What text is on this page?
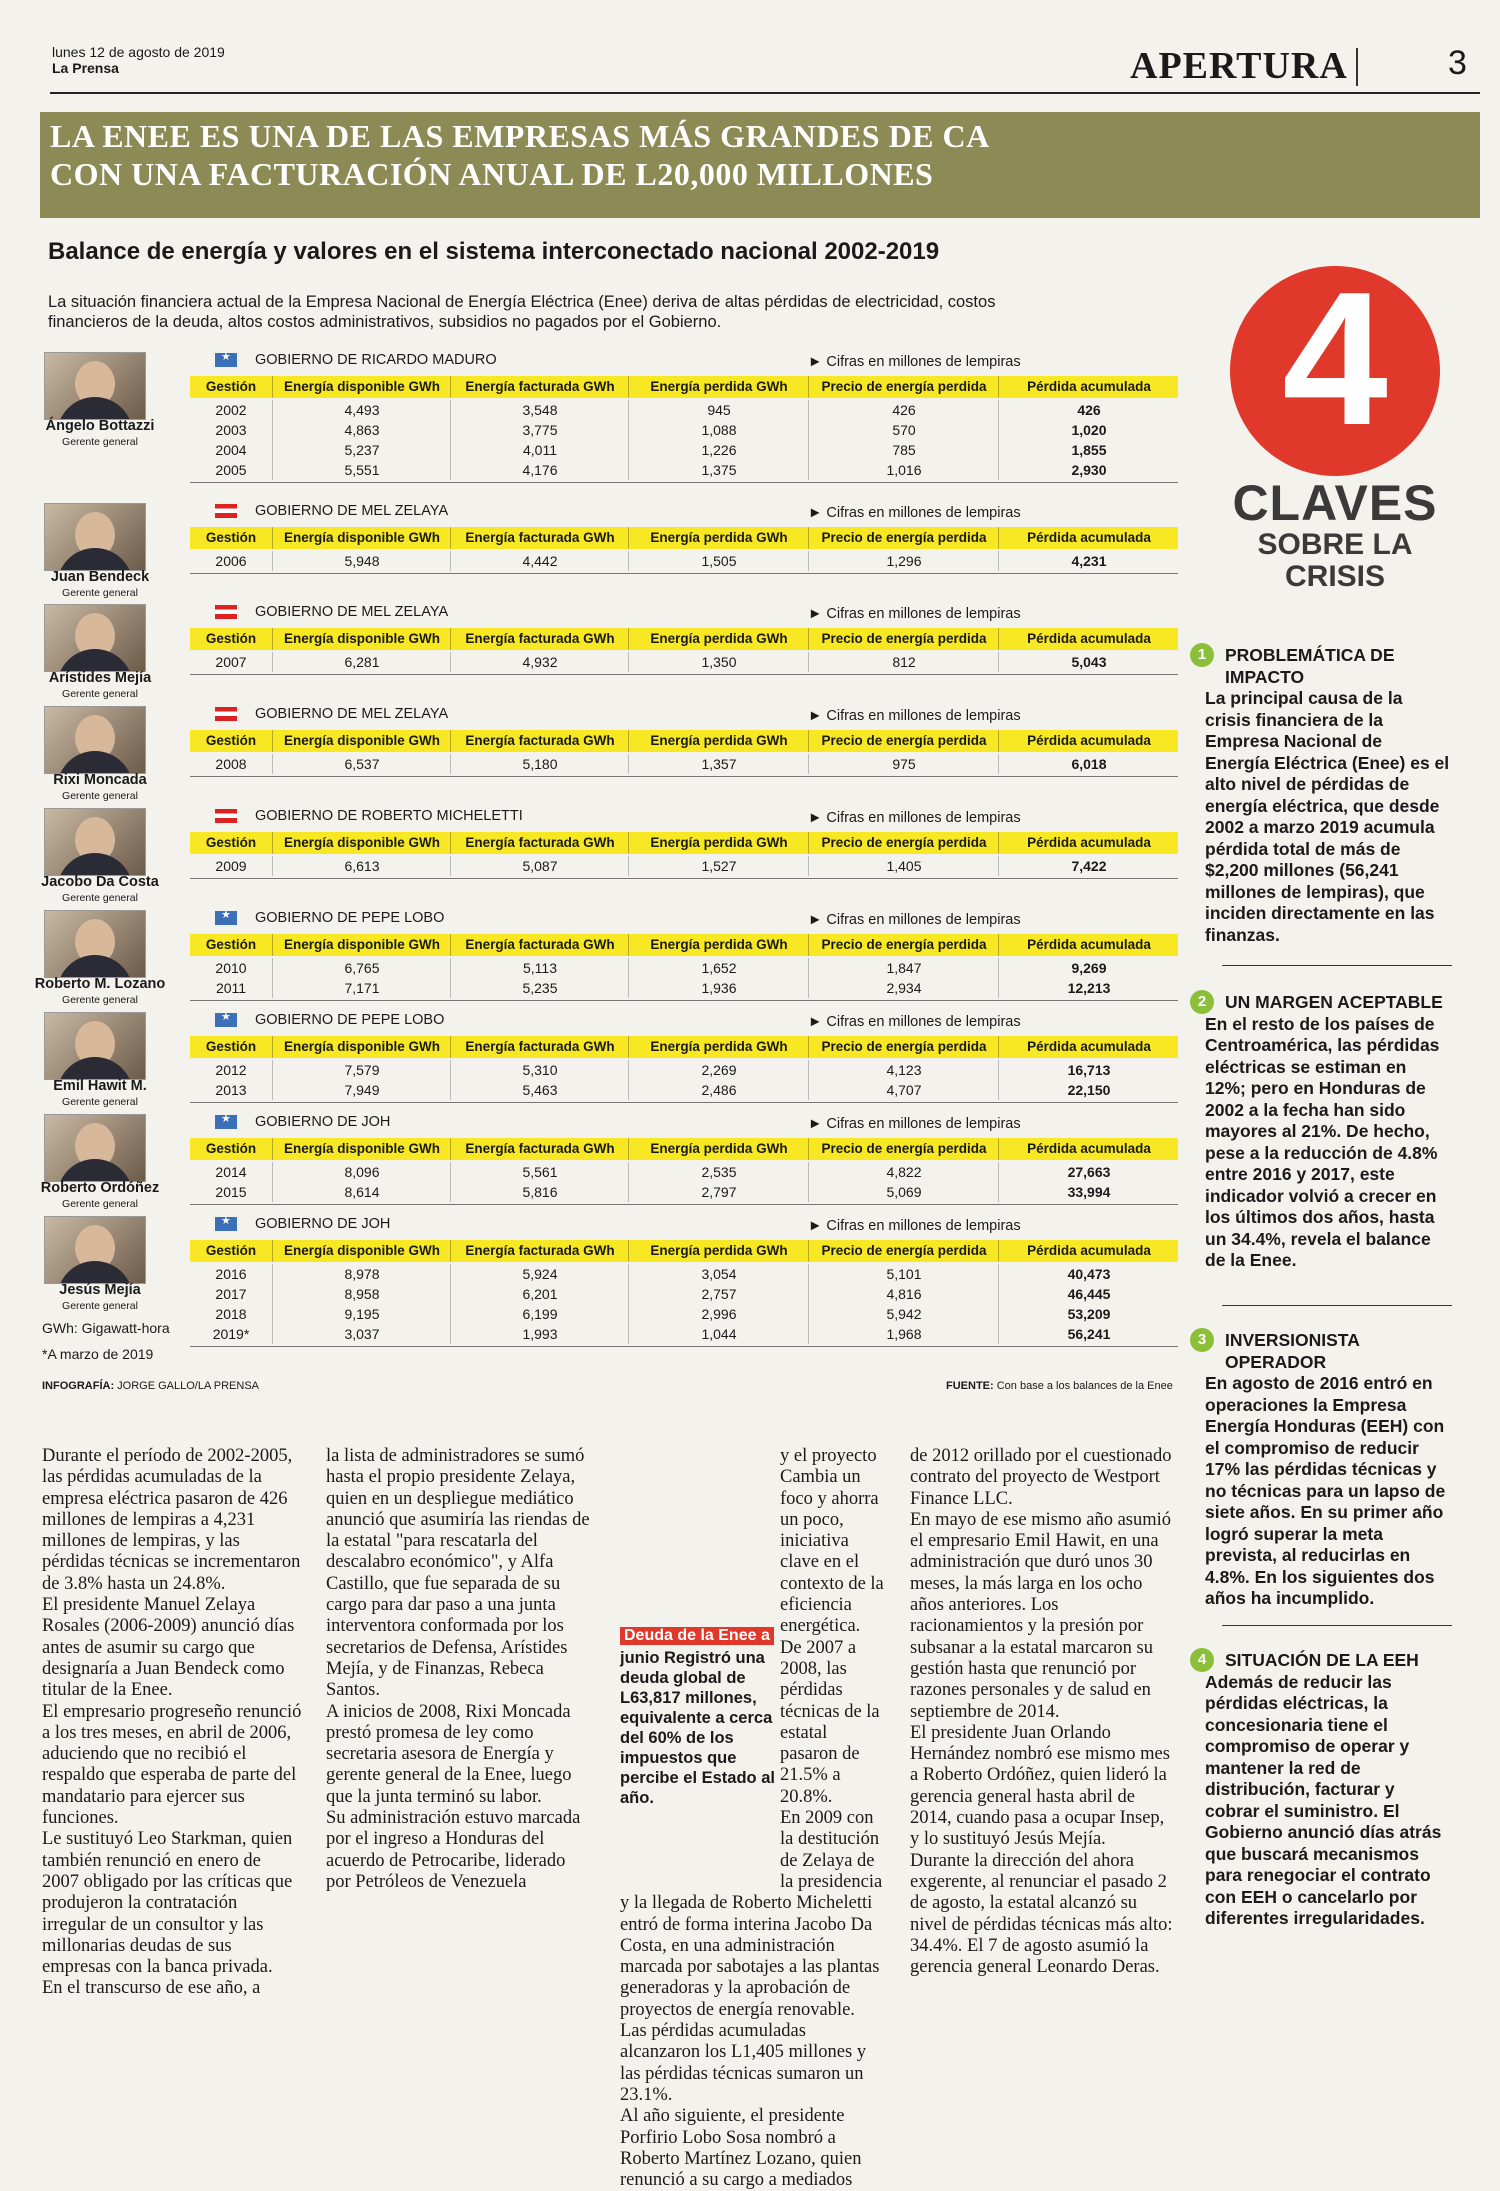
lunes 12 de agosto de 2019
La Prensa	APERTURA	3
LA ENEE ES UNA DE LAS EMPRESAS MÁS GRANDES DE CA
CON UNA FACTURACIÓN ANUAL DE L20,000 MILLONES
Balance de energía y valores en el sistema interconectado nacional 2002-2019
La situación financiera actual de la Empresa Nacional de Energía Eléctrica (Enee) deriva de altas pérdidas de electricidad, costos financieros de la deuda, altos costos administrativos, subsidios no pagados por el Gobierno.
Ángelo Bottazzi
Gerente general
★
GOBIERNO DE RICARDO MADURO	► Cifras en millones de lempiras
Gestión	Energía disponible GWh	Energía facturada GWh	Energía perdida GWh	Precio de energía perdida	Pérdida acumulada
2002	4,493	3,548	945	426	426
2003	4,863	3,775	1,088	570	1,020
2004	5,237	4,011	1,226	785	1,855
2005	5,551	4,176	1,375	1,016	2,930
Juan Bendeck
Gerente general
GOBIERNO DE MEL ZELAYA	► Cifras en millones de lempiras
Gestión	Energía disponible GWh	Energía facturada GWh	Energía perdida GWh	Precio de energía perdida	Pérdida acumulada
2006	5,948	4,442	1,505	1,296	4,231
Arístides Mejía
Gerente general
GOBIERNO DE MEL ZELAYA	► Cifras en millones de lempiras
Gestión	Energía disponible GWh	Energía facturada GWh	Energía perdida GWh	Precio de energía perdida	Pérdida acumulada
2007	6,281	4,932	1,350	812	5,043
Rixi Moncada
Gerente general
GOBIERNO DE MEL ZELAYA	► Cifras en millones de lempiras
Gestión	Energía disponible GWh	Energía facturada GWh	Energía perdida GWh	Precio de energía perdida	Pérdida acumulada
2008	6,537	5,180	1,357	975	6,018
Jacobo Da Costa
Gerente general
GOBIERNO DE ROBERTO MICHELETTI	► Cifras en millones de lempiras
Gestión	Energía disponible GWh	Energía facturada GWh	Energía perdida GWh	Precio de energía perdida	Pérdida acumulada
2009	6,613	5,087	1,527	1,405	7,422
Roberto M. Lozano
Gerente general
★
GOBIERNO DE PEPE LOBO	► Cifras en millones de lempiras
Gestión	Energía disponible GWh	Energía facturada GWh	Energía perdida GWh	Precio de energía perdida	Pérdida acumulada
2010	6,765	5,113	1,652	1,847	9,269
2011	7,171	5,235	1,936	2,934	12,213
Emil Hawit M.
Gerente general
★
GOBIERNO DE PEPE LOBO	► Cifras en millones de lempiras
Gestión	Energía disponible GWh	Energía facturada GWh	Energía perdida GWh	Precio de energía perdida	Pérdida acumulada
2012	7,579	5,310	2,269	4,123	16,713
2013	7,949	5,463	2,486	4,707	22,150
Roberto Ordóñez
Gerente general
★
GOBIERNO DE JOH	► Cifras en millones de lempiras
Gestión	Energía disponible GWh	Energía facturada GWh	Energía perdida GWh	Precio de energía perdida	Pérdida acumulada
2014	8,096	5,561	2,535	4,822	27,663
2015	8,614	5,816	2,797	5,069	33,994
Jesús Mejía
Gerente general
★
GOBIERNO DE JOH	► Cifras en millones de lempiras
Gestión	Energía disponible GWh	Energía facturada GWh	Energía perdida GWh	Precio de energía perdida	Pérdida acumulada
2016	8,978	5,924	3,054	5,101	40,473
2017	8,958	6,201	2,757	4,816	46,445
2018	9,195	6,199	2,996	5,942	53,209
2019*	3,037	1,993	1,044	1,968	56,241
GWh: Gigawatt-hora
*A marzo de 2019
INFOGRAFÍA: JORGE GALLO/LA PRENSA	FUENTE: Con base a los balances de la Enee
4
CLAVES
SOBRE LA
CRISIS
1	PROBLEMÁTICA DE IMPACTO
La principal causa de la crisis financiera de la Empresa Nacional de Energía Eléctrica (Enee) es el alto nivel de pérdidas de energía eléctrica, que desde 2002 a marzo 2019 acumula pérdida total de más de $2,200 millones (56,241 millones de lempiras), que inciden directamente en las finanzas.
2	UN MARGEN ACEPTABLE
En el resto de los países de Centroamérica, las pérdidas eléctricas se estiman en 12%; pero en Honduras de 2002 a la fecha han sido mayores al 21%. De hecho, pese a la reducción de 4.8% entre 2016 y 2017, este indicador volvió a crecer en los últimos dos años, hasta un 34.4%, revela el balance de la Enee.
3	INVERSIONISTA OPERADOR
En agosto de 2016 entró en operaciones la Empresa Energía Honduras (EEH) con el compromiso de reducir 17% las pérdidas técnicas y no técnicas para un lapso de siete años. En su primer año logró superar la meta prevista, al reducirlas en 4.8%. En los siguientes dos años ha incumplido.
4	SITUACIÓN DE LA EEH
Además de reducir las pérdidas eléctricas, la concesionaria tiene el compromiso de operar y mantener la red de distribución, facturar y cobrar el suministro. El Gobierno anunció días atrás que buscará mecanismos para renegociar el contrato con EEH o cancelarlo por diferentes irregularidades.

Durante el período de 2002-2005, las pérdidas acumuladas de la empresa eléctrica pasaron de 426 millones de lempiras a 4,231 millones de lempiras, y las pérdidas técnicas se incrementaron de 3.8% hasta un 24.8%.

El presidente Manuel Zelaya Rosales (2006-2009) anunció días antes de asumir su cargo que designaría a Juan Bendeck como titular de la Enee.

El empresario progreseño renunció a los tres meses, en abril de 2006, aduciendo que no recibió el respaldo que esperaba de parte del mandatario para ejercer sus funciones.

Le sustituyó Leo Starkman, quien también renunció en enero de 2007 obligado por las críticas que produjeron la contratación irregular de un consultor y las millonarias deudas de sus empresas con la banca privada.

En el transcurso de ese año, a

la lista de administradores se sumó hasta el propio presidente Zelaya, quien en un despliegue mediático anunció que asumiría las riendas de la estatal "para rescatarla del descalabro económico", y Alfa Castillo, que fue separada de su cargo para dar paso a una junta interventora conformada por los secretarios de Defensa, Arístides Mejía, y de Finanzas, Rebeca Santos.

A inicios de 2008, Rixi Moncada prestó promesa de ley como secretaria asesora de Energía y gerente general de la Enee, luego que la junta terminó su labor.

Su administración estuvo marcada por el ingreso a Honduras del acuerdo de Petrocaribe, liderado por Petróleos de Venezuela

y el proyecto Cambia un foco y ahorra un poco, iniciativa clave en el contexto de la eficiencia energética. De 2007 a 2008, las pérdidas técnicas de la estatal pasaron de 21.5% a 20.8%.

En 2009 con la destitución de Zelaya de la presidencia y la llegada de Roberto Micheletti entró de forma interina Jacobo Da Costa, en una administración marcada por sabotajes a las plantas generadoras y la aprobación de proyectos de energía renovable. Las pérdidas acumuladas alcanzaron los L1,405 millones y las pérdidas técnicas sumaron un 23.1%.

Al año siguiente, el presidente Porfirio Lobo Sosa nombró a Roberto Martínez Lozano, quien renunció a su cargo a mediados

de 2012 orillado por el cuestionado contrato del proyecto de Westport Finance LLC.

En mayo de ese mismo año asumió el empresario Emil Hawit, en una administración que duró unos 30 meses, la más larga en los ocho años anteriores. Los racionamientos y la presión por subsanar a la estatal marcaron su gestión hasta que renunció por razones personales y de salud en septiembre de 2014.

El presidente Juan Orlando Hernández nombró ese mismo mes a Roberto Ordóñez, quien lideró la gerencia general hasta abril de 2014, cuando pasa a ocupar Insep, y lo sustituyó Jesús Mejía.

Durante la dirección del ahora exgerente, al renunciar el pasado 2 de agosto, la estatal alcanzó su nivel de pérdidas técnicas más alto: 34.4%. El 7 de agosto asumió la gerencia general Leonardo Deras.

Deuda de la Enee a
junio Registró una deuda global de L63,817 millones, equivalente a cerca del 60% de los impuestos que percibe el Estado al año.
